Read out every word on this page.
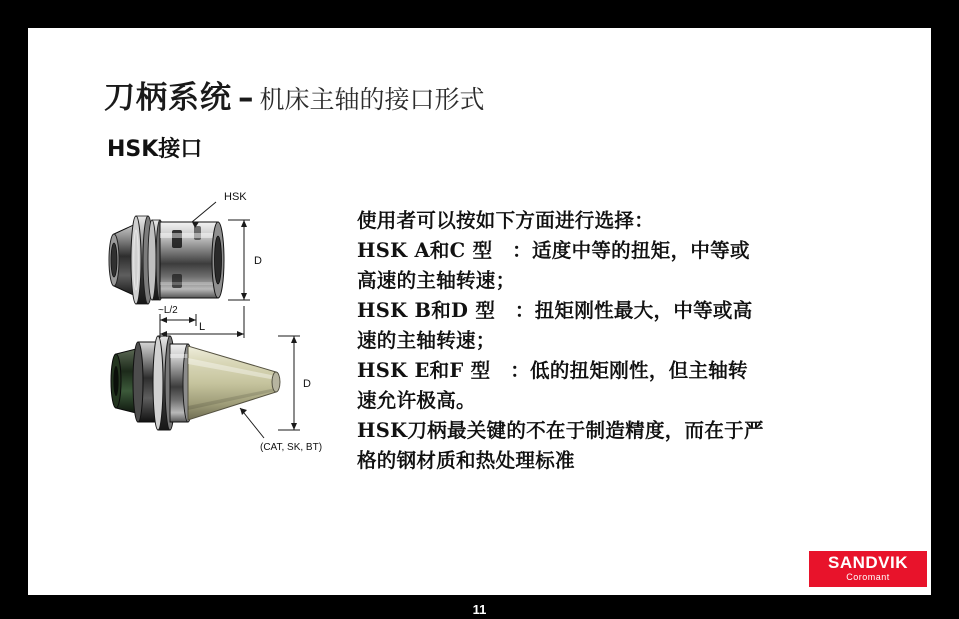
刀柄系统 – 机床主轴的接口形式
HSK接口
HSK
D
~L/2
L
D
(CAT, SK, BT)
使用者可以按如下方面进行选择：
HSK A和C 型　：适度中等的扭矩，中等或
高速的主轴转速；
HSK B和D 型　：扭矩刚性最大，中等或高
速的主轴转速；
HSK E和F 型　：低的扭矩刚性，但主轴转
速允许极高。
HSK刀柄最关键的不在于制造精度，而在于严
格的钢材质和热处理标准
11
SANDVIK
Coromant
